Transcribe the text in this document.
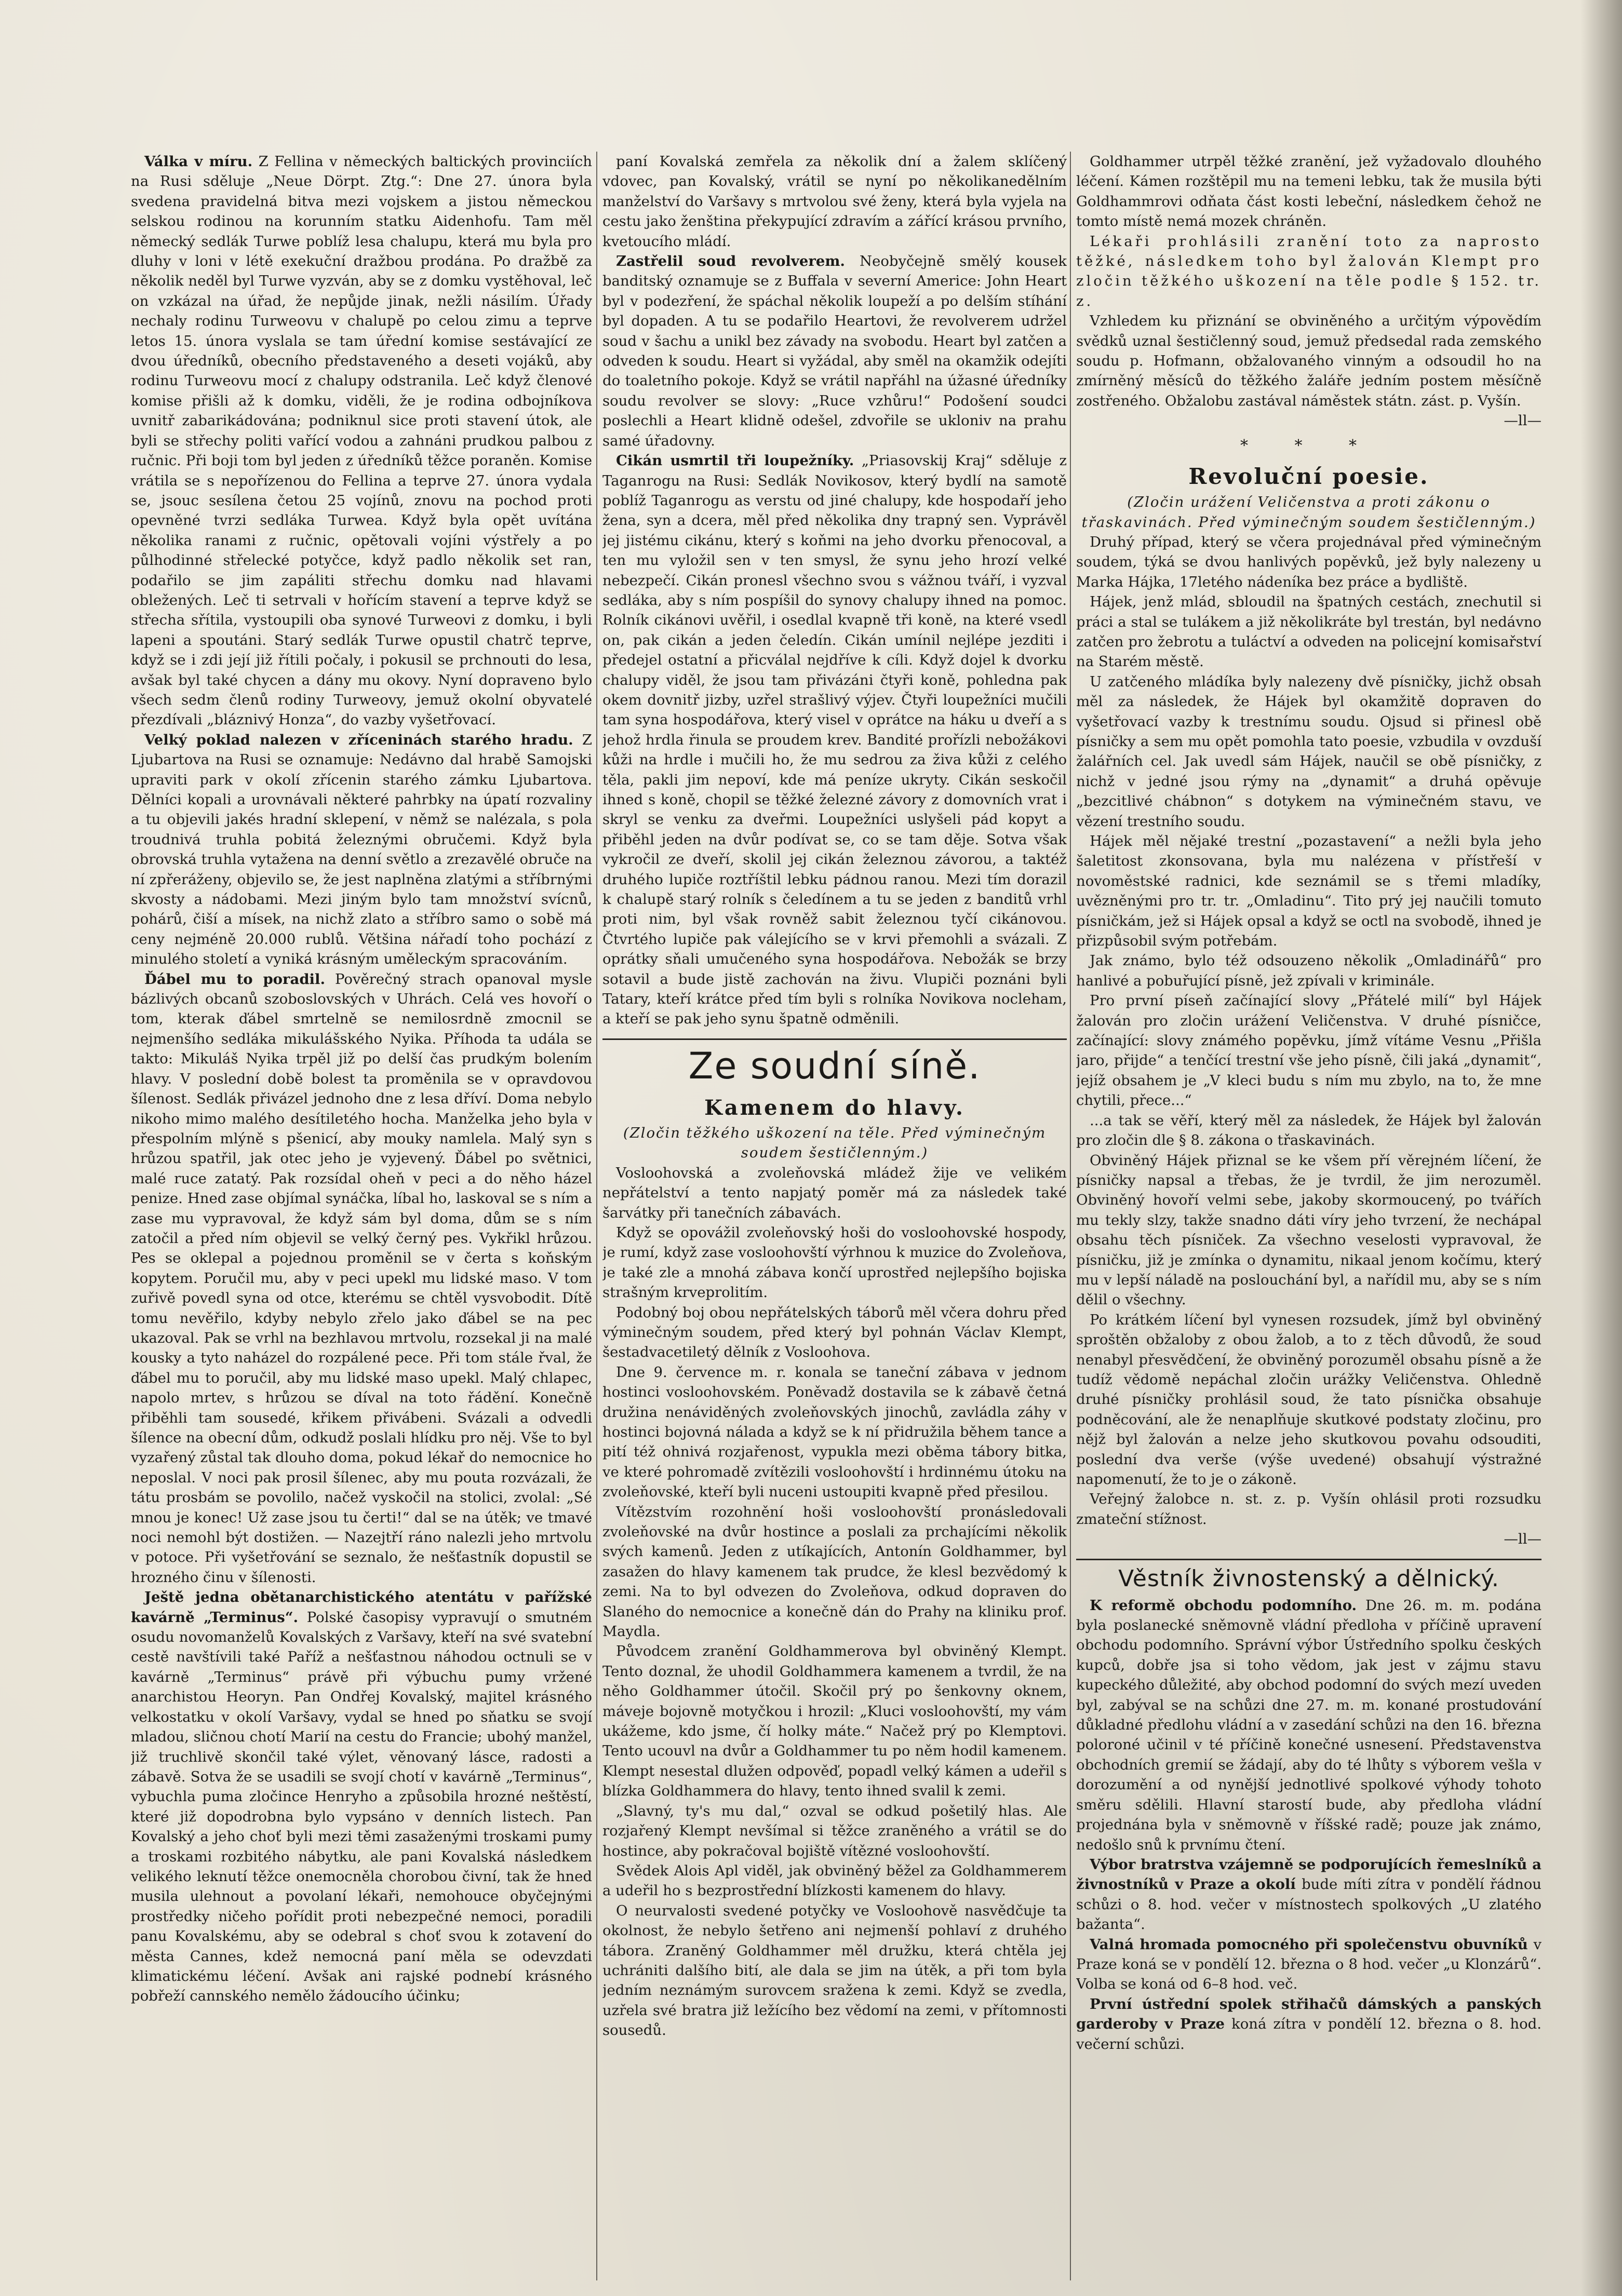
Válka v míru. Z Fellina v německých baltických provinciích na Rusi sděluje „Neue Dörpt. Ztg.“: Dne 27. února byla svedena pravidelná bitva mezi vojskem a jistou německou selskou rodinou na korunním statku Aidenhofu. Tam měl německý sedlák Turwe poblíž lesa chalupu, která mu byla pro dluhy v loni v létě exekuční dražbou prodána. Po dražbě za několik neděl byl Turwe vyzván, aby se z domku vystěhoval, leč on vzkázal na úřad, že nepůjde jinak, nežli násilím. Úřady nechaly rodinu Turweovu v chalupě po celou zimu a teprve letos 15. února vyslala se tam úřední komise sestávající ze dvou úředníků, obecního představeného a deseti vojáků, aby rodinu Turweovu mocí z chalupy odstranila. Leč když členové komise přišli až k domku, viděli, že je rodina odbojníkova uvnitř zabarikádována; podniknul sice proti stavení útok, ale byli se střechy politi vařící vodou a zahnáni prudkou palbou z ručnic. Při boji tom byl jeden z úředníků těžce poraněn. Komise vrátila se s nepořízenou do Fellina a teprve 27. února vydala se, jsouc sesílena četou 25 vojínů, znovu na pochod proti opevněné tvrzi sedláka Turwea. Když byla opět uvítána několika ranami z ručnic, opětovali vojíni výstřely a po půlhodinné střelecké potyčce, když padlo několik set ran, podařilo se jim zapáliti střechu domku nad hlavami obležených. Leč ti setrvali v hořícím stavení a teprve když se střecha sřítila, vystoupili oba synové Turweovi z domku, i byli lapeni a spoutáni. Starý sedlák Turwe opustil chatrč teprve, když se i zdi její již řítili počaly, i pokusil se prchnouti do lesa, avšak byl také chycen a dány mu okovy. Nyní dopraveno bylo všech sedm členů rodiny Turweovy, jemuž okolní obyvatelé přezdívali „bláznivý Honza“, do vazby vyšetřovací.

Velký poklad nalezen v zříceninách starého hradu. Z Ljubartova na Rusi se oznamuje: Nedávno dal hrabě Samojski upraviti park v okolí zřícenin starého zámku Ljubartova. Dělníci kopali a urovnávali některé pahrbky na úpatí rozvaliny a tu objevili jakés hradní sklepení, v němž se nalézala, s pola troudnivá truhla pobitá železnými obručemi. Když byla obrovská truhla vytažena na denní světlo a zrezavělé obruče na ní zpřeráženy, objevilo se, že jest naplněna zlatými a stříbrnými skvosty a nádobami. Mezi jiným bylo tam množství svícnů, pohárů, čiší a mísek, na nichž zlato a stříbro samo o sobě má ceny nejméně 20.000 rublů. Většina nářadí toho pochází z minulého století a vyniká krásným uměleckým spracováním.

Ďábel mu to poradil. Pověrečný strach opanoval mysle bázlivých obcanů szoboslovských v Uhrách. Celá ves hovoří o tom, kterak ďábel smrtelně se nemilosrdně zmocnil se nejmenšího sedláka mikulášského Nyika. Příhoda ta udála se takto: Mikuláš Nyika trpěl již po delší čas prudkým bolením hlavy. V poslední době bolest ta proměnila se v opravdovou šílenost. Sedlák přivázel jednoho dne z lesa dříví. Doma nebylo nikoho mimo malého desítiletého hocha. Manželka jeho byla v přespolním mlýně s pšenicí, aby mouky namlela. Malý syn s hrůzou spatřil, jak otec jeho je vyjevený. Ďábel po světnici, malé ruce zatatý. Pak rozsídal oheň v peci a do něho házel penize. Hned zase objímal synáčka, líbal ho, laskoval se s ním a zase mu vypravoval, že když sám byl doma, dům se s ním zatočil a před ním objevil se velký černý pes. Vykřikl hrůzou. Pes se oklepal a pojednou proměnil se v čerta s koňským kopytem. Poručil mu, aby v peci upekl mu lidské maso. V tom zuřivě povedl syna od otce, kterému se chtěl vysvobodit. Dítě tomu nevěřilo, kdyby nebylo zřelo jako ďábel se na pec ukazoval. Pak se vrhl na bezhlavou mrtvolu, rozsekal ji na malé kousky a tyto naházel do rozpálené pece. Při tom stále řval, že ďábel mu to poručil, aby mu lidské maso upekl. Malý chlapec, napolo mrtev, s hrůzou se díval na toto řádění. Konečně přiběhli tam sousedé, křikem přivábeni. Svázali a odvedli šílence na obecní dům, odkudž poslali hlídku pro něj. Vše to byl vyzařený zůstal tak dlouho doma, pokud lékař do nemocnice ho neposlal. V noci pak prosil šílenec, aby mu pouta rozvázali, že tátu prosbám se povolilo, načež vyskočil na stolici, zvolal: „Sé mnou je konec! Už zase jsou tu čerti!“ dal se na útěk; ve tmavé noci nemohl být dostižen. — Nazejtří ráno nalezli jeho mrtvolu v potoce. Při vyšetřování se seznalo, že nešťastník dopustil se hrozného činu v šílenosti.

Ještě jedna obětanarchistického atentátu v pařížské kavárně „Terminus“. Polské časopisy vypravují o smutném osudu novomanželů Kovalských z Varšavy, kteří na své svatební cestě navštívili také Paříž a nešťastnou náhodou octnuli se v kavárně „Terminus“ právě při výbuchu pumy vržené anarchistou Heoryn. Pan Ondřej Kovalský, majitel krásného velkostatku v okolí Varšavy, vydal se hned po sňatku se svojí mladou, sličnou chotí Marií na cestu do Francie; ubohý manžel, již truchlivě skončil také výlet, věnovaný lásce, radosti a zábavě. Sotva že se usadili se svojí chotí v kavárně „Terminus“, vybuchla puma zločince Henryho a způsobila hrozné neštěstí, které již dopodrobna bylo vypsáno v denních listech. Pan Kovalský a jeho choť byli mezi těmi zasaženými troskami pumy a troskami rozbitého nábytku, ale pani Kovalská následkem velikého leknutí těžce onemocněla chorobou čivní, tak že hned musila ulehnout a povolaní lékaři, nemohouce obyčejnými prostředky ničeho pořídit proti nebezpečné nemoci, poradili panu Kovalskému, aby se odebral s choť svou k zotavení do města Cannes, kdež nemocná paní měla se odevzdati klimatickému léčení. Avšak ani rajské podnebí krásného pobřeží cannského nemělo žádoucího účinku;

paní Kovalská zemřela za několik dní a žalem sklíčený vdovec, pan Kovalský, vrátil se nyní po několikanedělním manželství do Varšavy s mrtvolou své ženy, která byla vyjela na cestu jako ženština překypující zdravím a zářící krásou prvního, kvetoucího mládí.

Zastřelil soud revolverem. Neobyčejně smělý kousek banditský oznamuje se z Buffala v severní Americe: John Heart byl v podezření, že spáchal několik loupeží a po delším stíhání byl dopaden. A tu se podařilo Heartovi, že revolverem udržel soud v šachu a unikl bez závady na svobodu. Heart byl zatčen a odveden k soudu. Heart si vyžádal, aby směl na okamžik odejíti do toaletního pokoje. Když se vrátil napřáhl na úžasné úředníky soudu revolver se slovy: „Ruce vzhůru!“ Podošení soudci poslechli a Heart klidně odešel, zdvořile se ukloniv na prahu samé úřadovny.

Cikán usmrtil tři loupežníky. „Priasovskij Kraj“ sděluje z Taganrogu na Rusi: Sedlák Novikosov, který bydlí na samotě poblíž Taganrogu as verstu od jiné chalupy, kde hospodaří jeho žena, syn a dcera, měl před několika dny trapný sen. Vyprávěl jej jistému cikánu, který s koňmi na jeho dvorku přenocoval, a ten mu vyložil sen v ten smysl, že synu jeho hrozí velké nebezpečí. Cikán pronesl všechno svou s vážnou tváří, i vyzval sedláka, aby s ním pospíšil do synovy chalupy ihned na pomoc. Rolník cikánovi uvěřil, i osedlal kvapně tři koně, na které vsedl on, pak cikán a jeden čeledín. Cikán umínil nejlépe jezditi i předejel ostatní a přicválal nejdříve k cíli. Když dojel k dvorku chalupy viděl, že jsou tam přivázáni čtyři koně, pohledna pak okem dovnitř jizby, uzřel strašlivý výjev. Čtyři loupežníci mučili tam syna hospodářova, který visel v oprátce na háku u dveří a s jehož hrdla řinula se proudem krev. Bandité prořízli nebožákovi kůži na hrdle i mučili ho, že mu sedrou za živa kůži z celého těla, pakli jim nepoví, kde má peníze ukryty. Cikán seskočil ihned s koně, chopil se těžké železné závory z domovních vrat i skryl se venku za dveřmi. Loupežníci uslyšeli pád kopyt a přiběhl jeden na dvůr podívat se, co se tam děje. Sotva však vykročil ze dveří, skolil jej cikán železnou závorou, a taktéž druhého lupiče roztříštil lebku pádnou ranou. Mezi tím dorazil k chalupě starý rolník s čeledínem a tu se jeden z banditů vrhl proti nim, byl však rovněž sabit železnou tyčí cikánovou. Čtvrtého lupiče pak válejícího se v krvi přemohli a svázali. Z oprátky sňali umučeného syna hospodářova. Nebožák se brzy sotavil a bude jistě zachován na živu. Vlupiči poznáni byli Tatary, kteří krátce před tím byli s rolníka Novikova nocleham, a kteří se pak jeho synu špatně odměnili.

Ze soudní síně.

Kamenem do hlavy.

(Zločin těžkého uškození na těle. Před výminečným soudem šestičlenným.)

Vosloohovská a zvoleňovská mládež žije ve velikém nepřátelství a tento napjatý poměr má za následek také šarvátky při tanečních zábavách.

Když se opovážil zvoleňovský hoši do vosloohovské hospody, je rumí, když zase vosloohovští výrhnou k muzice do Zvoleňova, je také zle a mnohá zábava končí uprostřed nejlepšího bojiska strašným krveprolitím.

Podobný boj obou nepřátelských táborů měl včera dohru před výminečným soudem, před který byl pohnán Václav Klempt, šestadvacetiletý dělník z Vosloohova.

Dne 9. července m. r. konala se taneční zábava v jednom hostinci vosloohovském. Poněvadž dostavila se k zábavě četná družina nenáviděných zvoleňovských jinochů, zavládla záhy v hostinci bojovná nálada a když se k ní přidružila během tance a pití též ohnivá rozjařenost, vypukla mezi oběma tábory bitka, ve které pohromadě zvítězili vosloohovští i hrdinnému útoku na zvoleňovské, kteří byli nuceni ustoupiti kvapně před přesilou.

Vítězstvím rozohnění hoši vosloohovští pronásledovali zvoleňovské na dvůr hostince a poslali za prchajícími několik svých kamenů. Jeden z utíkajících, Antonín Goldhammer, byl zasažen do hlavy kamenem tak prudce, že klesl bezvědomý k zemi. Na to byl odvezen do Zvoleňova, odkud dopraven do Slaného do nemocnice a konečně dán do Prahy na kliniku prof. Maydla.

Původcem zranění Goldhammerova byl obviněný Klempt. Tento doznal, že uhodil Goldhammera kamenem a tvrdil, že na něho Goldhammer útočil. Skočil prý po šenkovny oknem, máveje bojovně motyčkou i hrozil: „Kluci vosloohovští, my vám ukážeme, kdo jsme, čí holky máte.“ Načež prý po Klemptovi. Tento ucouvl na dvůr a Goldhammer tu po něm hodil kamenem. Klempt nesestal dlužen odpověď, popadl velký kámen a udeřil s blízka Goldhammera do hlavy, tento ihned svalil k zemi.

„Slavný, ty's mu dal,“ ozval se odkud pošetilý hlas. Ale rozjařený Klempt nevšímal si těžce zraněného a vrátil se do hostince, aby pokračoval bojiště vítězné vosloohovští.

Svědek Alois Apl viděl, jak obviněný běžel za Goldhammerem a udeřil ho s bezprostřední blízkosti kamenem do hlavy.

O neurvalosti svedené potyčky ve Vosloohově nasvědčuje ta okolnost, že nebylo šetřeno ani nejmenší pohlaví z druhého tábora. Zraněný Goldhammer měl družku, která chtěla jej uchrániti dalšího bití, ale dala se jim na útěk, a při tom byla jedním neznámým surovcem sražena k zemi. Když se zvedla, uzřela své bratra již ležícího bez vědomí na zemi, v přítomnosti sousedů.

Goldhammer utrpěl těžké zranění, jež vyžadovalo dlouhého léčení. Kámen rozštěpil mu na temeni lebku, tak že musila býti Goldhammrovi odňata část kosti lebeční, následkem čehož ne tomto místě nemá mozek chráněn.

Lékaři prohlásili zranění toto za naprosto těžké, následkem toho byl žalován Klempt pro zločin těžkého uškození na těle podle § 152. tr. z.

Vzhledem ku přiznání se obviněného a určitým výpovědím svědků uznal šestičlenný soud, jemuž předsedal rada zemského soudu p. Hofmann, obžalovaného vinným a odsoudil ho na zmírněný měsíců do těžkého žaláře jedním postem měsíčně zostřeného. Obžalobu zastával náměstek státn. zást. p. Vyšín.

—ll—

* * *

Revoluční poesie.

(Zločin urážení Veličenstva a proti zákonu o třaskavinách. Před výminečným soudem šestičlenným.)

Druhý případ, který se včera projednával před výminečným soudem, týká se dvou hanlivých popěvků, jež byly nalezeny u Marka Hájka, 17letého nádeníka bez práce a bydliště.

Hájek, jenž mlád, sbloudil na špatných cestách, znechutil si práci a stal se tulákem a již několikráte byl trestán, byl nedávno zatčen pro žebrotu a tuláctví a odveden na policejní komisařství na Starém městě.

U zatčeného mládíka byly nalezeny dvě písničky, jichž obsah měl za následek, že Hájek byl okamžitě dopraven do vyšetřovací vazby k trestnímu soudu. Ojsud si přinesl obě písničky a sem mu opět pomohla tato poesie, vzbudila v ovzduší žalářních cel. Jak uvedl sám Hájek, naučil se obě písničky, z nichž v jedné jsou rýmy na „dynamit“ a druhá opěvuje „bezcitlivé chábnon“ s dotykem na výminečném stavu, ve vězení trestního soudu.

Hájek měl nějaké trestní „pozastavení“ a nežli byla jeho šaletitost zkonsovana, byla mu nalézena v přístřeší v novoměstské radnici, kde seznámil se s třemi mladíky, uvězněnými pro tr. tr. „Omladinu“. Tito prý jej naučili tomuto písničkám, jež si Hájek opsal a když se octl na svobodě, ihned je přizpůsobil svým potřebám.

Jak známo, bylo též odsouzeno několik „Omladinářů“ pro hanlivé a pobuřující písně, jež zpívali v kriminále.

Pro první píseň začínající slovy „Přátelé milí“ byl Hájek žalován pro zločin urážení Veličenstva. V druhé písničce, začínající: slovy známého popěvku, jímž vítáme Vesnu „Přišla jaro, přijde“ a tenčící trestní vše jeho písně, čili jaká „dynamit“, jejíž obsahem je „V kleci budu s ním mu zbylo, na to, že mne chytili, přece...“

...a tak se věří, který měl za následek, že Hájek byl žalován pro zločin dle § 8. zákona o třaskavinách.

Obviněný Hájek přiznal se ke všem pří věrejném líčení, že písničky napsal a třebas, že je tvrdil, že jim nerozuměl. Obviněný hovoří velmi sebe, jakoby skormoucený, po tvářích mu tekly slzy, takže snadno dáti víry jeho tvrzení, že nechápal obsahu těch písniček. Za všechno veselosti vypravoval, že písničku, již je zmínka o dynamitu, nikaal jenom kočímu, který mu v lepší náladě na poslouchání byl, a nařídil mu, aby se s ním dělil o všechny.

Po krátkém líčení byl vynesen rozsudek, jímž byl obviněný sproštěn obžaloby z obou žalob, a to z těch důvodů, že soud nenabyl přesvědčení, že obviněný porozuměl obsahu písně a že tudíž vědomě nepáchal zločin urážky Veličenstva. Ohledně druhé písničky prohlásil soud, že tato písnička obsahuje podněcování, ale že nenaplňuje skutkové podstaty zločinu, pro nějž byl žalován a nelze jeho skutkovou povahu odsouditi, poslední dva verše (výše uvedené) obsahují výstražné napomenutí, že to je o zákoně.

Veřejný žalobce n. st. z. p. Vyšín ohlásil proti rozsudku zmateční stížnost.

—ll—

Věstník živnostenský a dělnický.

K reformě obchodu podomního. Dne 26. m. m. podána byla poslanecké sněmovně vládní předloha v příčině upravení obchodu podomního. Správní výbor Ústředního spolku českých kupců, dobře jsa si toho vědom, jak jest v zájmu stavu kupeckého důležité, aby obchod podomní do svých mezí uveden byl, zabýval se na schůzi dne 27. m. m. konané prostudování důkladné předlohu vládní a v zasedání schůzi na den 16. března poloroné učinil v té příčině konečné usnesení. Představenstva obchodních gremií se žádají, aby do té lhůty s výborem vešla v dorozumění a od nynější jednotlivé spolkové výhody tohoto směru sdělili. Hlavní starostí bude, aby předloha vládní projednána byla v sněmovně v říšské radě; pouze jak známo, nedošlo snů k prvnímu čtení.

Výbor bratrstva vzájemně se podporujících řemeslníků a živnostníků v Praze a okolí bude míti zítra v pondělí řádnou schůzi o 8. hod. večer v místnostech spolkových „U zlatého bažanta“.

Valná hromada pomocného při společenstvu obuvníků v Praze koná se v pondělí 12. března o 8 hod. večer „u Klonzárů“. Volba se koná od 6–8 hod. več.

První ústřední spolek střihačů dámských a panských garderoby v Praze koná zítra v pondělí 12. března o 8. hod. večerní schůzi.
